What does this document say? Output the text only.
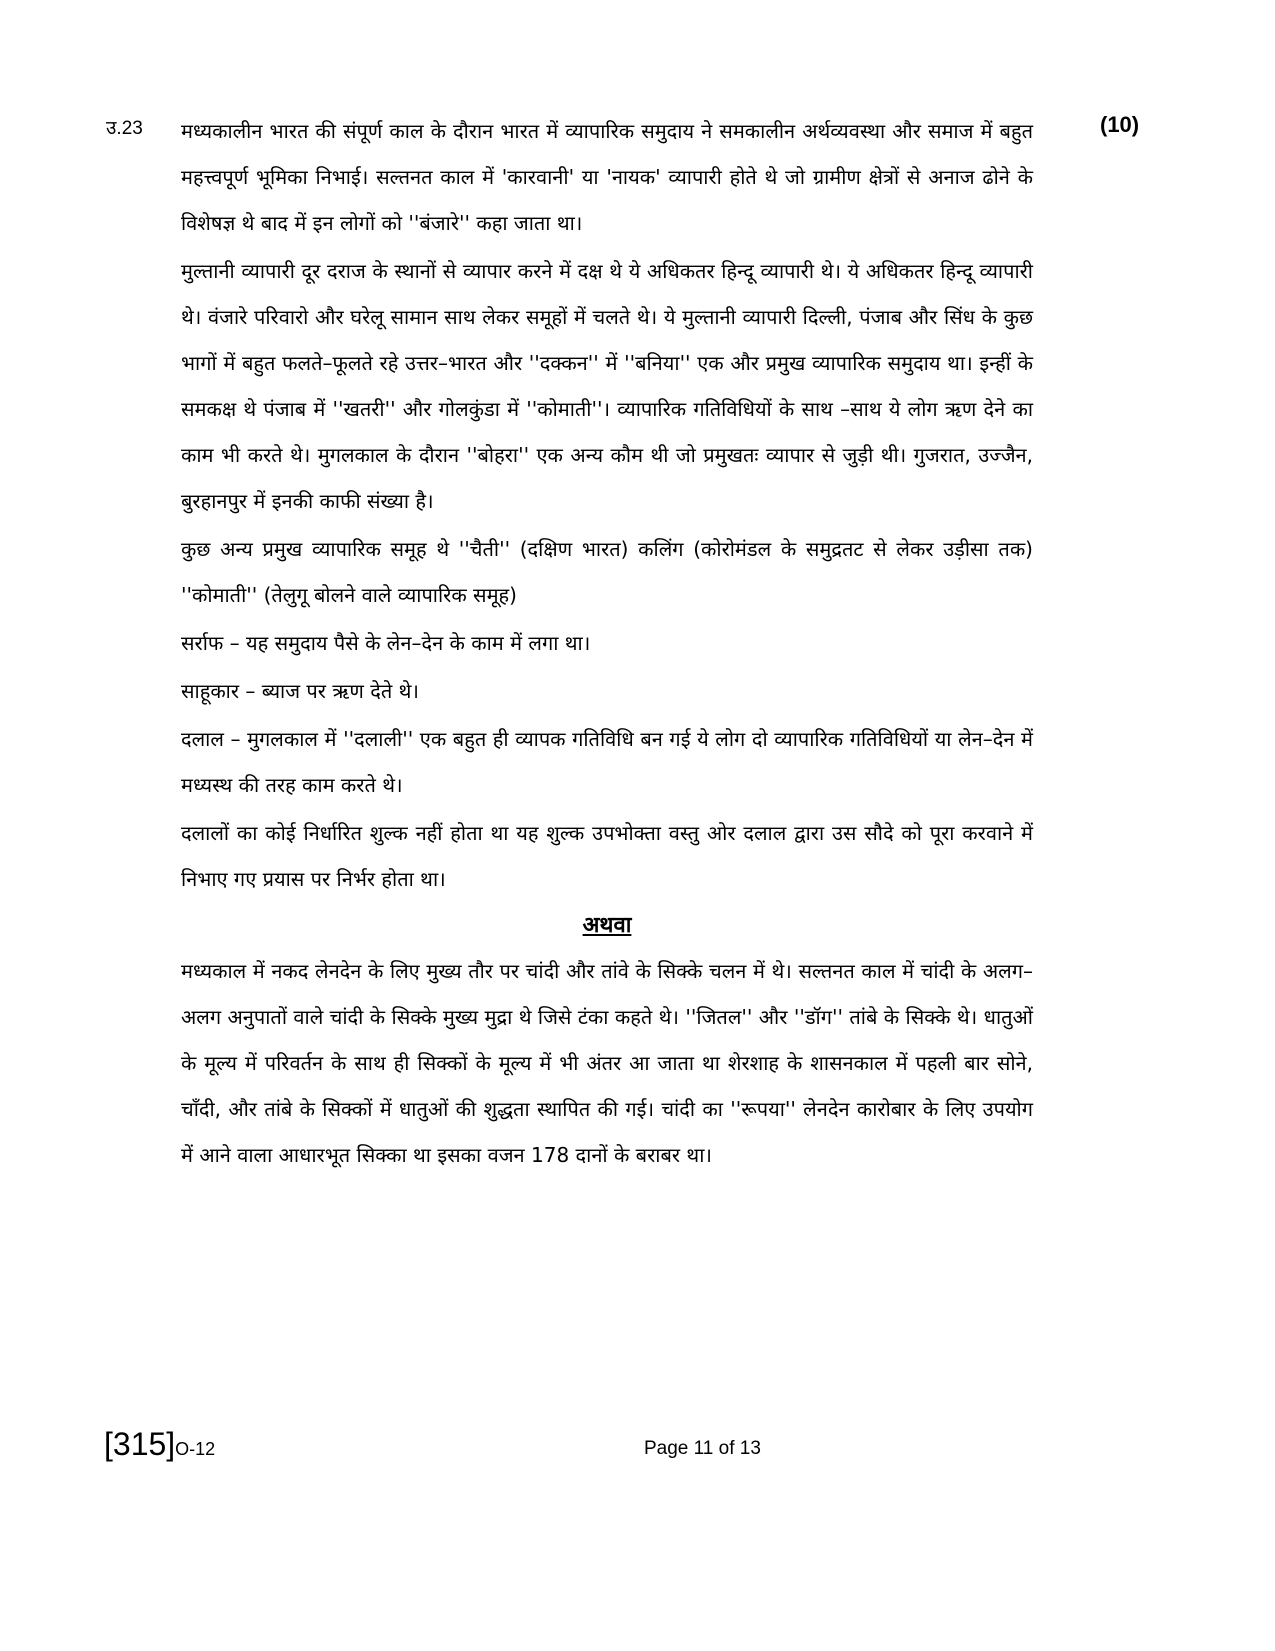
उ.23	(10)

मध्यकालीन भारत की संपूर्ण काल के दौरान भारत में व्यापारिक समुदाय ने समकालीन अर्थव्यवस्था और समाज में बहुत महत्त्वपूर्ण भूमिका निभाई। सल्तनत काल में 'कारवानी' या 'नायक' व्यापारी होते थे जो ग्रामीण क्षेत्रों से अनाज ढोने के विशेषज्ञ थे बाद में इन लोगों को ''बंजारे'' कहा जाता था।

मुल्तानी व्यापारी दूर दराज के स्थानों से व्यापार करने में दक्ष थे ये अधिकतर हिन्दू व्यापारी थे। ये अधिकतर हिन्दू व्यापारी थे। वंजारे परिवारो और घरेलू सामान साथ लेकर समूहों में चलते थे। ये मुल्तानी व्यापारी दिल्ली, पंजाब और सिंध के कुछ भागों में बहुत फलते–फूलते रहे उत्तर–भारत और ''दक्कन'' में ''बनिया'' एक और प्रमुख व्यापारिक समुदाय था। इन्हीं के समकक्ष थे पंजाब में ''खतरी'' और गोलकुंडा में ''कोमाती''। व्यापारिक गतिविधियों के साथ –साथ ये लोग ऋण देने का काम भी करते थे। मुगलकाल के दौरान ''बोहरा'' एक अन्य कौम थी जो प्रमुखतः व्यापार से जुड़ी थी। गुजरात, उज्जैन, बुरहानपुर में इनकी काफी संख्या है।

कुछ अन्य प्रमुख व्यापारिक समूह थे ''चैती'' (दक्षिण भारत) कलिंग (कोरोमंडल के समुद्रतट से लेकर उड़ीसा तक) ''कोमाती'' (तेलुगू बोलने वाले व्यापारिक समूह)

सर्राफ – यह समुदाय पैसे के लेन–देन के काम में लगा था।

साहूकार – ब्याज पर ऋण देते थे।

दलाल – मुगलकाल में ''दलाली'' एक बहुत ही व्यापक गतिविधि बन गई ये लोग दो व्यापारिक गतिविधियों या लेन–देन में मध्यस्थ की तरह काम करते थे।

दलालों का कोई निर्धारित शुल्क नहीं होता था यह शुल्क उपभोक्ता वस्तु ओर दलाल द्वारा उस सौदे को पूरा करवाने में निभाए गए प्रयास पर निर्भर होता था।

अथवा

मध्यकाल में नकद लेनदेन के लिए मुख्य तौर पर चांदी और तांवे के सिक्के चलन में थे। सल्तनत काल में चांदी के अलग–अलग अनुपातों वाले चांदी के सिक्के मुख्य मुद्रा थे जिसे टंका कहते थे। ''जितल'' और ''डॉग'' तांबे के सिक्के थे। धातुओं के मूल्य में परिवर्तन के साथ ही सिक्कों के मूल्य में भी अंतर आ जाता था शेरशाह के शासनकाल में पहली बार सोने, चाँदी, और तांबे के सिक्कों में धातुओं की शुद्धता स्थापित की गई। चांदी का ''रूपया'' लेनदेन कारोबार के लिए उपयोग में आने वाला आधारभूत सिक्का था इसका वजन 178 दानों के बराबर था।

[315]O-12	Page 11 of 13
